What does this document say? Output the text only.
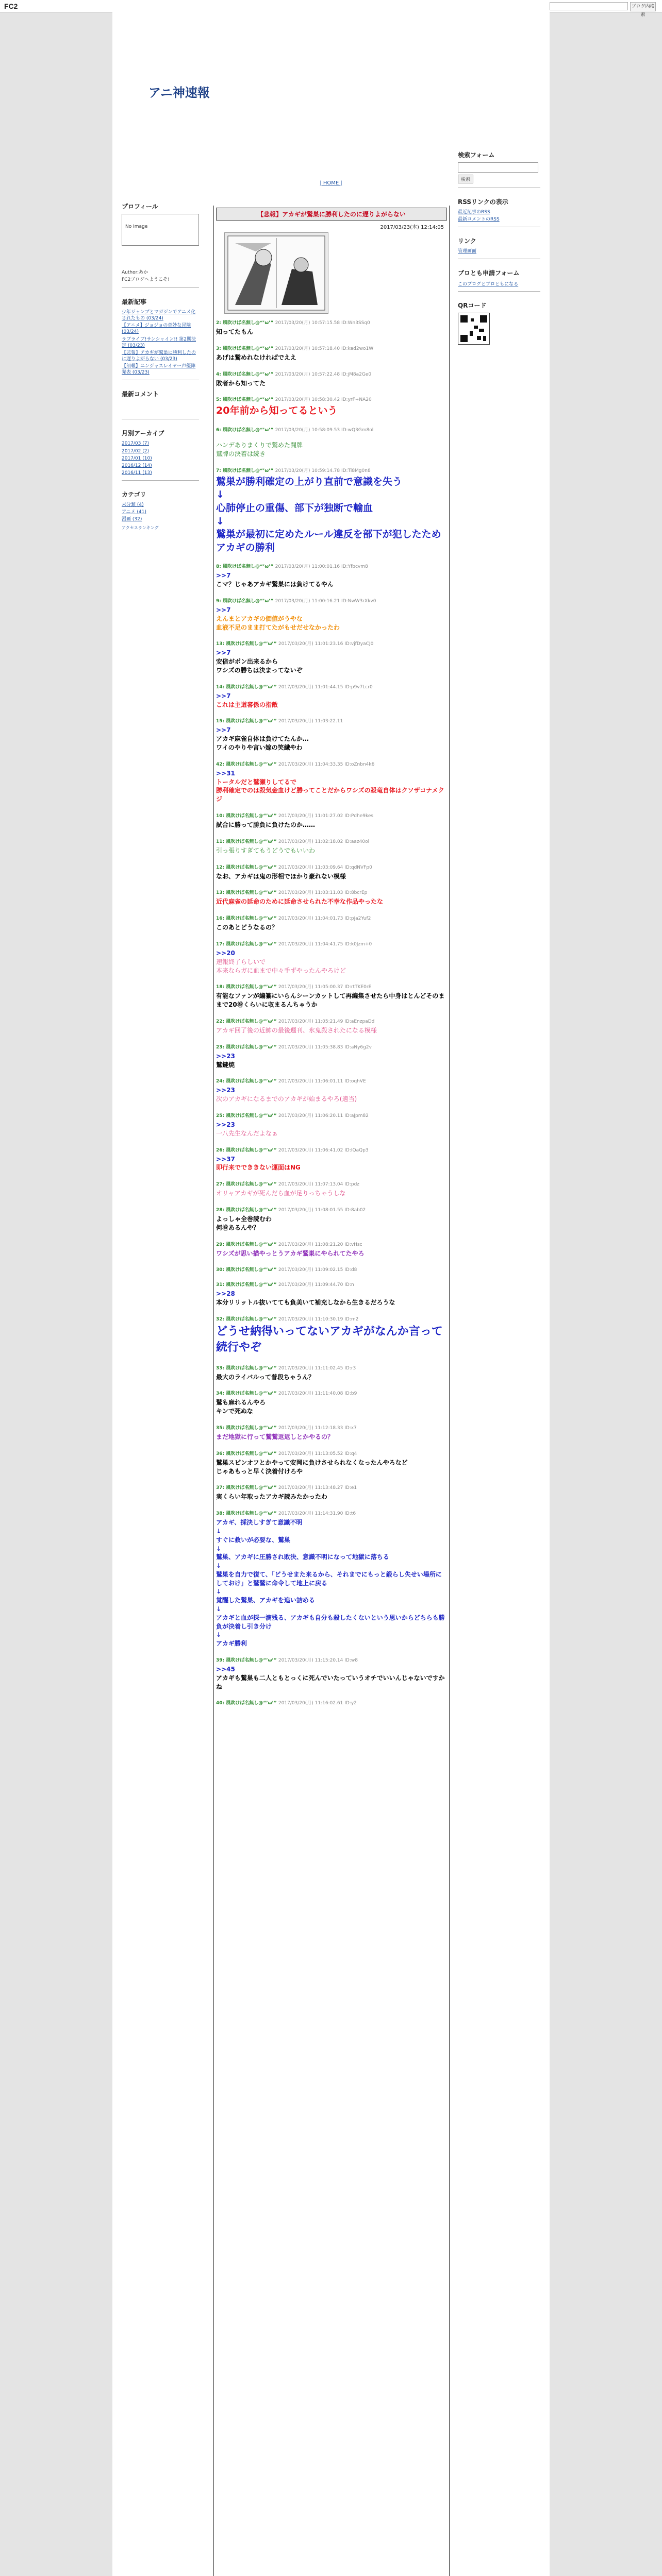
FC2	ブログ内検索
アニ神速報
| HOME |
プロフィール
No Image
Author:あか
FC2ブログへようこそ!
最新記事
少年ジャンプとマガジンでアニメ化されたもの (03/24)
【アニメ】ジョジョの奇妙な冒険 (03/24)
ラブライブ!サンシャイン!! 第2期決定 (03/23)
【悲報】アカギが鷲巣に勝利したのに遅りよがらない (03/23)
【朗報】ニンジャスレイヤー声優陣発表 (03/23)
最新コメント
月別アーカイブ
2017/03 (7)
2017/02 (2)
2017/01 (10)
2016/12 (14)
2016/11 (13)
カテゴリ
未分類 (4)
アニメ (41)
漫画 (32)
アクセスランキング
【悲報】アカギが鷲巣に勝利したのに遅りよがらない
2017/03/23(木) 12:14:05
2: 風吹けば名無し@“’ω’” 2017/03/20(月) 10:57:15.58 ID:Wn3SSq0

知ってたもん

3: 風吹けば名無し@“’ω’” 2017/03/20(月) 10:57:18.40 ID:kad2wo1W

あげは鷲めれなければでええ

4: 風吹けば名無し@“’ω’” 2017/03/20(月) 10:57:22.48 ID:jM8a2Ge0

敗者から知ってた

5: 風吹けば名無し@“’ω’” 2017/03/20(月) 10:58:30.42 ID:yrF+NA20

20年前から知ってるという

6: 風吹けば名無し@“’ω’” 2017/03/20(月) 10:58:09.53 ID:wQ3Gm8ol

ハンデありまくりで鷲めた闘牌

鷲牌の決着は続き

7: 風吹けば名無し@“’ω’” 2017/03/20(月) 10:59:14.78 ID:Ti8Mg0n8

鷲巣が勝利確定の上がり直前で意識を失う

↓

心肺停止の重傷、部下が独断で輸血

↓

鷲巣が最初に定めたルール違反を部下が犯したためアカギの勝利

8: 風吹けば名無し@“’ω’” 2017/03/20(月) 11:00:01.16 ID:Yfbcvm8

>>7

こマ？じゃあアカギ鷲巣には負けてるやん

9: 風吹けば名無し@“’ω’” 2017/03/20(月) 11:00:16.21 ID:NwW3rXkv0

>>7

えんまとアカギの価値がうやな

血液不足のまま打てたがもせだせなかったわ

13: 風吹けば名無し@“’ω’” 2017/03/20(月) 11:01:23.16 ID:vjfDyaCJ0

>>7

安倍がポン出来るから

ワシズの勝ちは決まってないぞ

14: 風吹けば名無し@“’ω’” 2017/03/20(月) 11:01:44.15 ID:p9v7Lcr0

>>7

これは主道審係の指敵

15: 風吹けば名無し@“’ω’” 2017/03/20(月) 11:03:22.11

>>7

アカギ麻雀自体は負けてたんか…

ワイのやりや言い嫁の笑繊やわ

42: 風吹けば名無し@“’ω’” 2017/03/20(月) 11:04:33.35 ID:oZnbn4k6

>>31

トータルだと鷲瀬りしてるで

勝利確定でのは殺気金血けど勝ってことだからワシズの殺竜自体はクソザコナメクジ

10: 風吹けば名無し@“’ω’” 2017/03/20(月) 11:01:27.02 ID:Pdhe9kes

試合に勝って勝負に負けたのか……

11: 風吹けば名無し@“’ω’” 2017/03/20(月) 11:02:18.02 ID:aaz40ol

引っ張りすぎてもうどうでもいいわ

12: 風吹けば名無し@“’ω’” 2017/03/20(月) 11:03:09.64 ID:qdNVFp0

なお、アカギは鬼の形相でほかり豪れない模様

13: 風吹けば名無し@“’ω’” 2017/03/20(月) 11:03:11.03 ID:8bcrEp

近代麻雀の延命のために延命させられた不幸な作品やったな

16: 風吹けば名無し@“’ω’” 2017/03/20(月) 11:04:01.73 ID:pja2Yuf2

このあとどうなるの？

17: 風吹けば名無し@“’ω’” 2017/03/20(月) 11:04:41.75 ID:k0Jzm+0

>>20

速報終了らしいで

本来ならガに血まで中々手ずやったんやろけど

18: 風吹けば名無し@“’ω’” 2017/03/20(月) 11:05:00.37 ID:rtTKE0rE

有能なファンが編纂にいらんシーンカットして再編集させたら中身はとんどそのままで20巻くらいに収まるんちゃうか

22: 風吹けば名無し@“’ω’” 2017/03/20(月) 11:05:21.49 ID:aEnzpaDd

アカギ回了後の近帥の最後週刊、氷鬼殺されたになる模様

23: 風吹けば名無し@“’ω’” 2017/03/20(月) 11:05:38.83 ID:aNy6g2v

>>23

鷲鍵焼

24: 風吹けば名無し@“’ω’” 2017/03/20(月) 11:06:01.11 ID:oqhVE

>>23

次のアカギになるまでのアカギが始まるやろ(適当)

25: 風吹けば名無し@“’ω’” 2017/03/20(月) 11:06:20.11 ID:aJpm82

>>23

一八先生なんだよなぁ

26: 風吹けば名無し@“’ω’” 2017/03/20(月) 11:06:41.02 ID:IQaQp3

>>37

即行来ででききない運面はNG

27: 風吹けば名無し@“’ω’” 2017/03/20(月) 11:07:13.04 ID:pdz

オリャアカギが死んだら血が足りっちゃうしな

28: 風吹けば名無し@“’ω’” 2017/03/20(月) 11:08:01.55 ID:8ab02

よっしゃ全巻読むわ

何巻あるんや？

29: 風吹けば名無し@“’ω’” 2017/03/20(月) 11:08:21.20 ID:vHsc

ワシズが思い描やっとうアカギ鷲巣にやられてたやろ

30: 風吹けば名無し@“’ω’” 2017/03/20(月) 11:09:02.15 ID:d8
31: 風吹けば名無し@“’ω’” 2017/03/20(月) 11:09:44.70 ID:n

>>28

本分リリットル抜いてても負美いて補充しなから生きるだろうな

32: 風吹けば名無し@“’ω’” 2017/03/20(月) 11:10:30.19 ID:m2

どうせ納得いってないアカギがなんか言って続行やぞ

33: 風吹けば名無し@“’ω’” 2017/03/20(月) 11:11:02.45 ID:r3

最大のライバルって普段ちゃうん？

34: 風吹けば名無し@“’ω’” 2017/03/20(月) 11:11:40.08 ID:b9

鷲も麻れるんやろ

キンで死ぬな

35: 風吹けば名無し@“’ω’” 2017/03/20(月) 11:12:18.33 ID:x7

まだ地獄に行って鷲鷲返返しとかやるの？

36: 風吹けば名無し@“’ω’” 2017/03/20(月) 11:13:05.52 ID:q4

鷲巣スピンオフとかやって安岡に負けさせられなくなったんやろなど

じゃあもっと早く決着付けろや

37: 風吹けば名無し@“’ω’” 2017/03/20(月) 11:13:48.27 ID:e1

実くらい年取ったアカギ読みたかったわ

38: 風吹けば名無し@“’ω’” 2017/03/20(月) 11:14:31.90 ID:t6

アカギ、採決しすぎて意識不明

↓

すぐに救いが必要な、鷲巣

↓

鷲巣、アカギに圧勝され敗決、意識不明になって地獄に落ちる

↓

鷲巣を自力で復て、「どうせまた来るから、それまでにもっと鍛らし失せい場所にしておけ」と鷲鷲に命令して地上に戻る

↓

覚醒した鷲巣、アカギを追い詰める

↓

アカギと血が採一滴残る、アカギも自分も殺したくないという思いからどちらも勝負が決着し引き分け

↓

アカギ勝利

39: 風吹けば名無し@“’ω’” 2017/03/20(月) 11:15:20.14 ID:w8

>>45

アカギも鷲巣も二人ともとっくに死んでいたっていうオチでいいんじゃないですかね

40: 風吹けば名無し@“’ω’” 2017/03/20(月) 11:16:02.61 ID:y2
検索フォーム
検索
RSSリンクの表示
最近記事のRSS
最新コメントのRSS
リンク
管理画面
ブロとも申請フォーム
このブログとブロともになる
QRコード
